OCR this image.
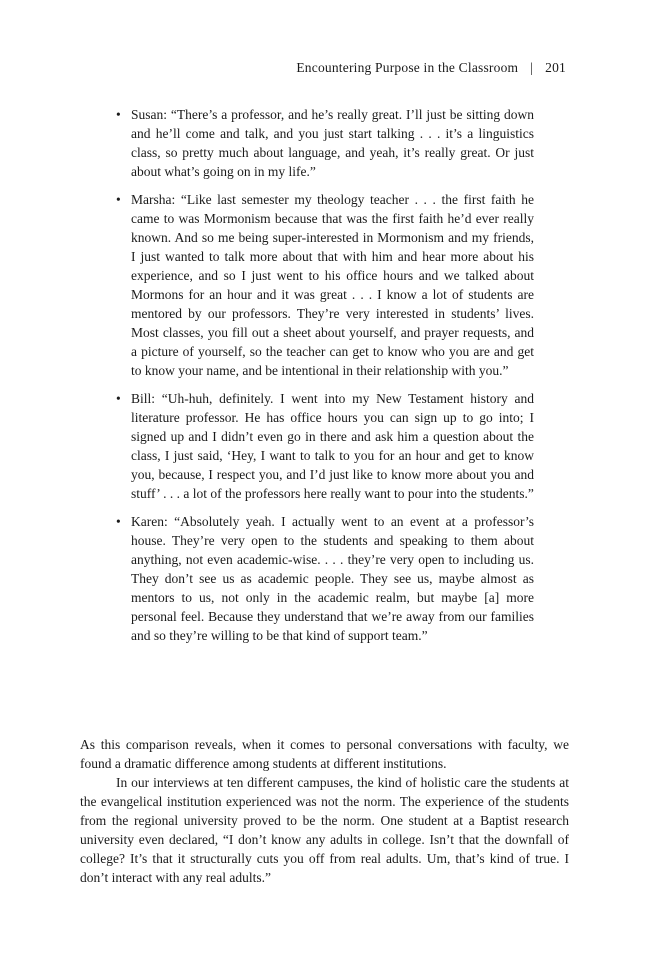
Encountering Purpose in the Classroom | 201
• Susan: “There’s a professor, and he’s really great. I’ll just be sitting down and he’ll come and talk, and you just start talking . . . it’s a linguistics class, so pretty much about language, and yeah, it’s really great. Or just about what’s going on in my life.”
• Marsha: “Like last semester my theology teacher . . . the first faith he came to was Mormonism because that was the first faith he’d ever really known. And so me being super-interested in Mormonism and my friends, I just wanted to talk more about that with him and hear more about his experience, and so I just went to his office hours and we talked about Mormons for an hour and it was great . . . I know a lot of students are mentored by our professors. They’re very interested in students’ lives. Most classes, you fill out a sheet about yourself, and prayer requests, and a picture of yourself, so the teacher can get to know who you are and get to know your name, and be intentional in their relationship with you.”
• Bill: “Uh-huh, definitely. I went into my New Testament history and literature professor. He has office hours you can sign up to go into; I signed up and I didn’t even go in there and ask him a question about the class, I just said, ‘Hey, I want to talk to you for an hour and get to know you, because, I respect you, and I’d just like to know more about you and stuff’ . . . a lot of the professors here really want to pour into the students.”
• Karen: “Absolutely yeah. I actually went to an event at a professor’s house. They’re very open to the students and speaking to them about anything, not even academic-wise. . . . they’re very open to including us. They don’t see us as academic people. They see us, maybe almost as mentors to us, not only in the academic realm, but maybe [a] more personal feel. Because they understand that we’re away from our families and so they’re willing to be that kind of support team.”

As this comparison reveals, when it comes to personal conversations with faculty, we found a dramatic difference among students at different institutions.

In our interviews at ten different campuses, the kind of holistic care the students at the evangelical institution experienced was not the norm. The experience of the students from the regional university proved to be the norm. One student at a Baptist research university even declared, “I don’t know any adults in college. Isn’t that the downfall of college? It’s that it structurally cuts you off from real adults. Um, that’s kind of true. I don’t interact with any real adults.”
